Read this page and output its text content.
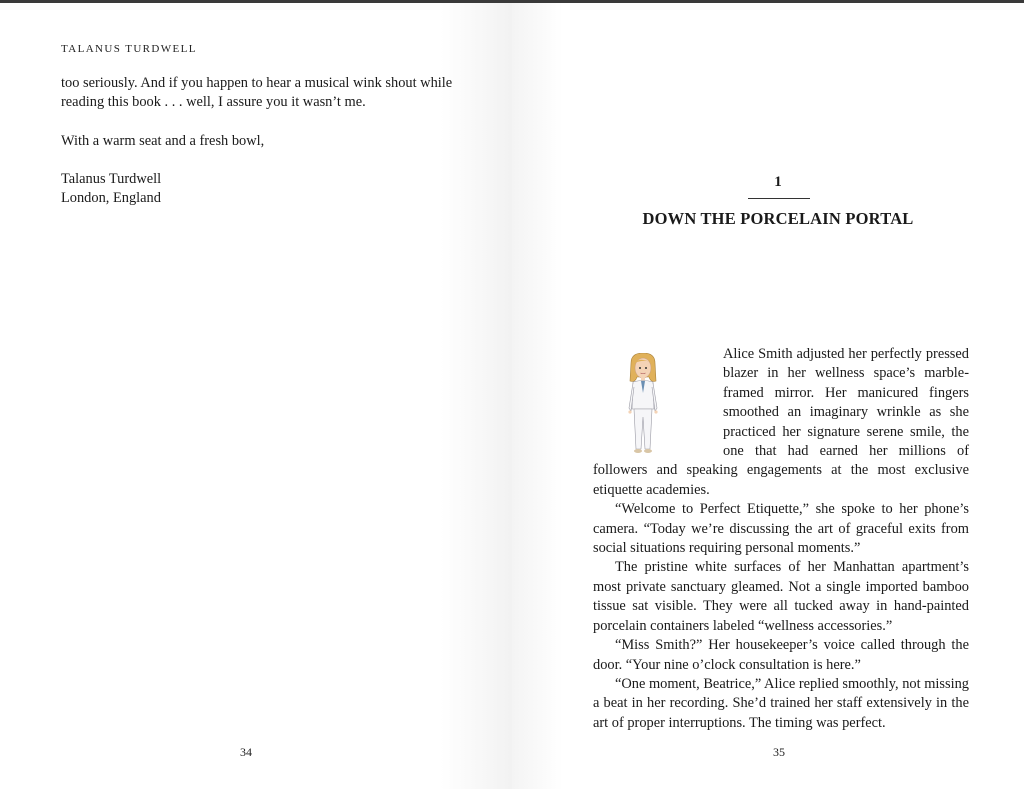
TALANUS TURDWELL

too seriously. And if you happen to hear a musical wink shout while reading this book . . . well, I assure you it wasn’t me.

With a warm seat and a fresh bowl,

Talanus Turdwell

London, England

34
1
DOWN THE PORCELAIN PORTAL

Alice Smith adjusted her perfectly pressed blazer in her wellness space’s marble-framed mirror. Her manicured fingers smoothed an imaginary wrinkle as she practiced her signature serene smile, the one that had earned her millions of followers and speaking engagements at the most exclusive etiquette academies.

“Welcome to Perfect Etiquette,” she spoke to her phone’s camera. “Today we’re discussing the art of graceful exits from social situations requiring personal moments.”

The pristine white surfaces of her Manhattan apartment’s most private sanctuary gleamed. Not a single imported bamboo tissue sat visible. They were all tucked away in hand-painted porcelain containers labeled “wellness accessories.”

“Miss Smith?” Her housekeeper’s voice called through the door. “Your nine o’clock consultation is here.”

“One moment, Beatrice,” Alice replied smoothly, not missing a beat in her recording. She’d trained her staff extensively in the art of proper interruptions. The timing was perfect.

35
